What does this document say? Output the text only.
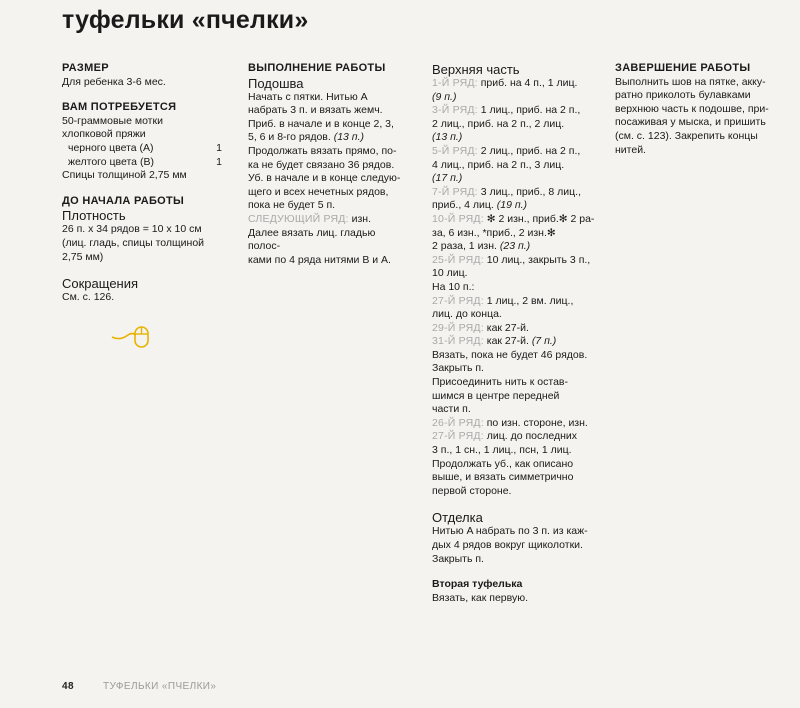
туфельки «пчелки»

РАЗМЕР

Для ребенка 3-6 мес.

ВАМ ПОТРЕБУЕТСЯ

50-граммовые мотки

хлопковой пряжи

черного цвета (A)	1
желтого цвета (B)	1

Спицы толщиной 2,75 мм

ДО НАЧАЛА РАБОТЫ

Плотность

26 п. x 34 рядов = 10 x 10 см

(лиц. гладь, спицы толщиной

2,75 мм)

Сокращения

См. с. 126.

ВЫПОЛНЕНИЕ РАБОТЫ

Подошва

Начать с пятки. Нитью A
набрать 3 п. и вязать жемч.
Приб. в начале и в конце 2, 3,
5, 6 и 8-го рядов. (13 п.)
Продолжать вязать прямо, по-
ка не будет связано 36 рядов.
Уб. в начале и в конце следую-
щего и всех нечетных рядов,
пока не будет 5 п.
СЛЕДУЮЩИЙ РЯД: изн.
Далее вязать лиц. гладью полос-
ками по 4 ряда нитями B и A.

Верхняя часть

1-Й РЯД: приб. на 4 п., 1 лиц.
(9 п.)
3-Й РЯД: 1 лиц., приб. на 2 п.,
2 лиц., приб. на 2 п., 2 лиц.
(13 п.)
5-Й РЯД: 2 лиц., приб. на 2 п.,
4 лиц., приб. на 2 п., 3 лиц.
(17 п.)
7-Й РЯД: 3 лиц., приб., 8 лиц.,
приб., 4 лиц. (19 п.)
10-Й РЯД: ✻ 2 изн., приб.✻ 2 ра-
за, 6 изн., *приб., 2 изн.✻
2 раза, 1 изн. (23 п.)
25-Й РЯД: 10 лиц., закрыть 3 п.,
10 лиц.
На 10 п.:
27-Й РЯД: 1 лиц., 2 вм. лиц.,
лиц. до конца.
29-Й РЯД: как 27-й.
31-Й РЯД: как 27-й. (7 п.)
Вязать, пока не будет 46 рядов.
Закрыть п.
Присоединить нить к остав-
шимся в центре передней
части п.
26-Й РЯД: по изн. стороне, изн.
27-Й РЯД: лиц. до последних
3 п., 1 сн., 1 лиц., псн, 1 лиц.
Продолжать уб., как описано
выше, и вязать симметрично
первой стороне.

Отделка

Нитью A набрать по 3 п. из каж-
дых 4 рядов вокруг щиколотки.
Закрыть п.

Вторая туфелька

Вязать, как первую.

ЗАВЕРШЕНИЕ РАБОТЫ

Выполнить шов на пятке, акку-
ратно приколоть булавками
верхнюю часть к подошве, при-
посаживая у мыска, и пришить
(см. с. 123). Закрепить концы
нитей.
48	ТУФЕЛЬКИ «ПЧЕЛКИ»
